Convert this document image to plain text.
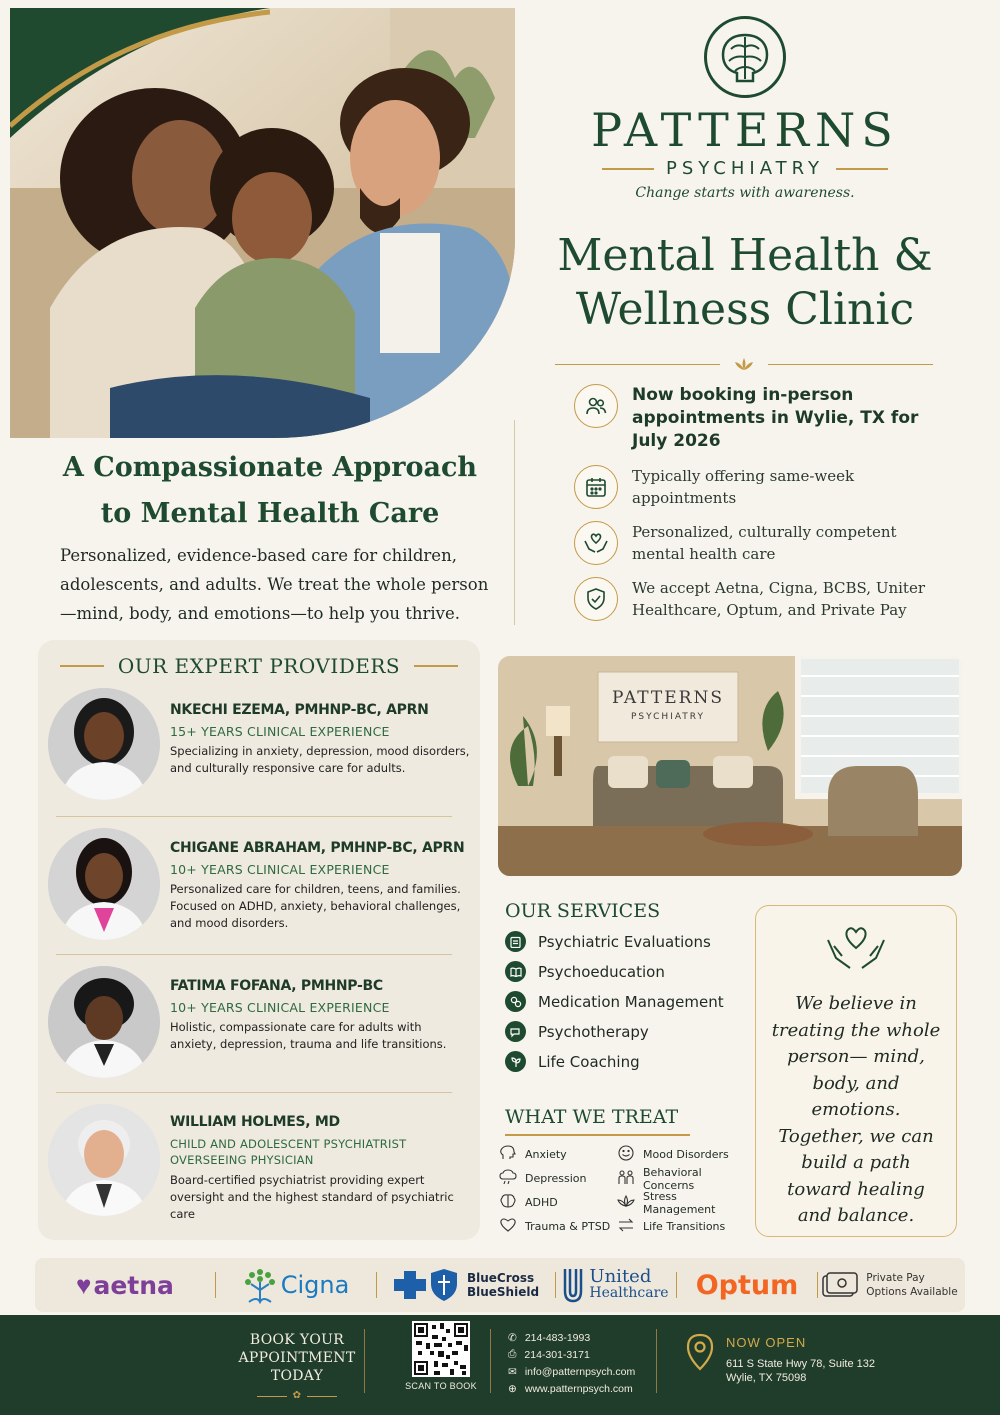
PATTERNS
PSYCHIATRY
Change starts with awareness.
Mental Health &
Wellness Clinic
Now booking in-person appointments in Wylie, TX for July 2026
Typically offering same-week appointments
Personalized, culturally competent mental health care
We accept Aetna, Cigna, BCBS, Uniter Healthcare, Optum, and Private Pay
A Compassionate Approach
to Mental Health Care

Personalized, evidence-based care for children, adolescents, and adults. We treat the whole person —mind, body, and emotions—to help you thrive.

OUR EXPERT PROVIDERS
NKECHI EZEMA, PMHNP-BC, APRN
15+ YEARS CLINICAL EXPERIENCE
Specializing in anxiety, depression, mood disorders, and culturally responsive care for adults.
CHIGANE ABRAHAM, PMHNP-BC, APRN
10+ YEARS CLINICAL EXPERIENCE
Personalized care for children, teens, and families. Focused on ADHD, anxiety, behavioral challenges, and mood disorders.
FATIMA FOFANA, PMHNP-BC
10+ YEARS CLINICAL EXPERIENCE
Holistic, compassionate care for adults with anxiety, depression, trauma and life transitions.
WILLIAM HOLMES, MD
CHILD AND ADOLESCENT PSYCHIATRIST OVERSEEING PHYSICIAN
Board-certified psychiatrist providing expert oversight and the highest standard of psychiatric care
PATTERNS
PSYCHIATRY
OUR SERVICES
Psychiatric Evaluations
Psychoeducation
Medication Management
Psychotherapy
Life Coaching
WHAT WE TREAT
Anxiety	Mood Disorders
Depression	Behavioral Concerns
ADHD	Stress Management
Trauma & PTSD	Life Transitions

We believe in treating the whole person— mind, body, and emotions. Together, we can build a path toward healing and balance.

♥ aetna	Cigna	BlueCross
BlueShield
United
Healthcare Optum	Private Pay
Options Available
BOOK YOUR
APPOINTMENT
TODAY
✿
SCAN TO BOOK
✆ 214-483-1993
⎙ 214-301-3171
✉ info@patternpsych.com
⊕ www.patternpsych.com
NOW OPEN
611 S State Hwy 78, Suite 132
Wylie, TX 75098
